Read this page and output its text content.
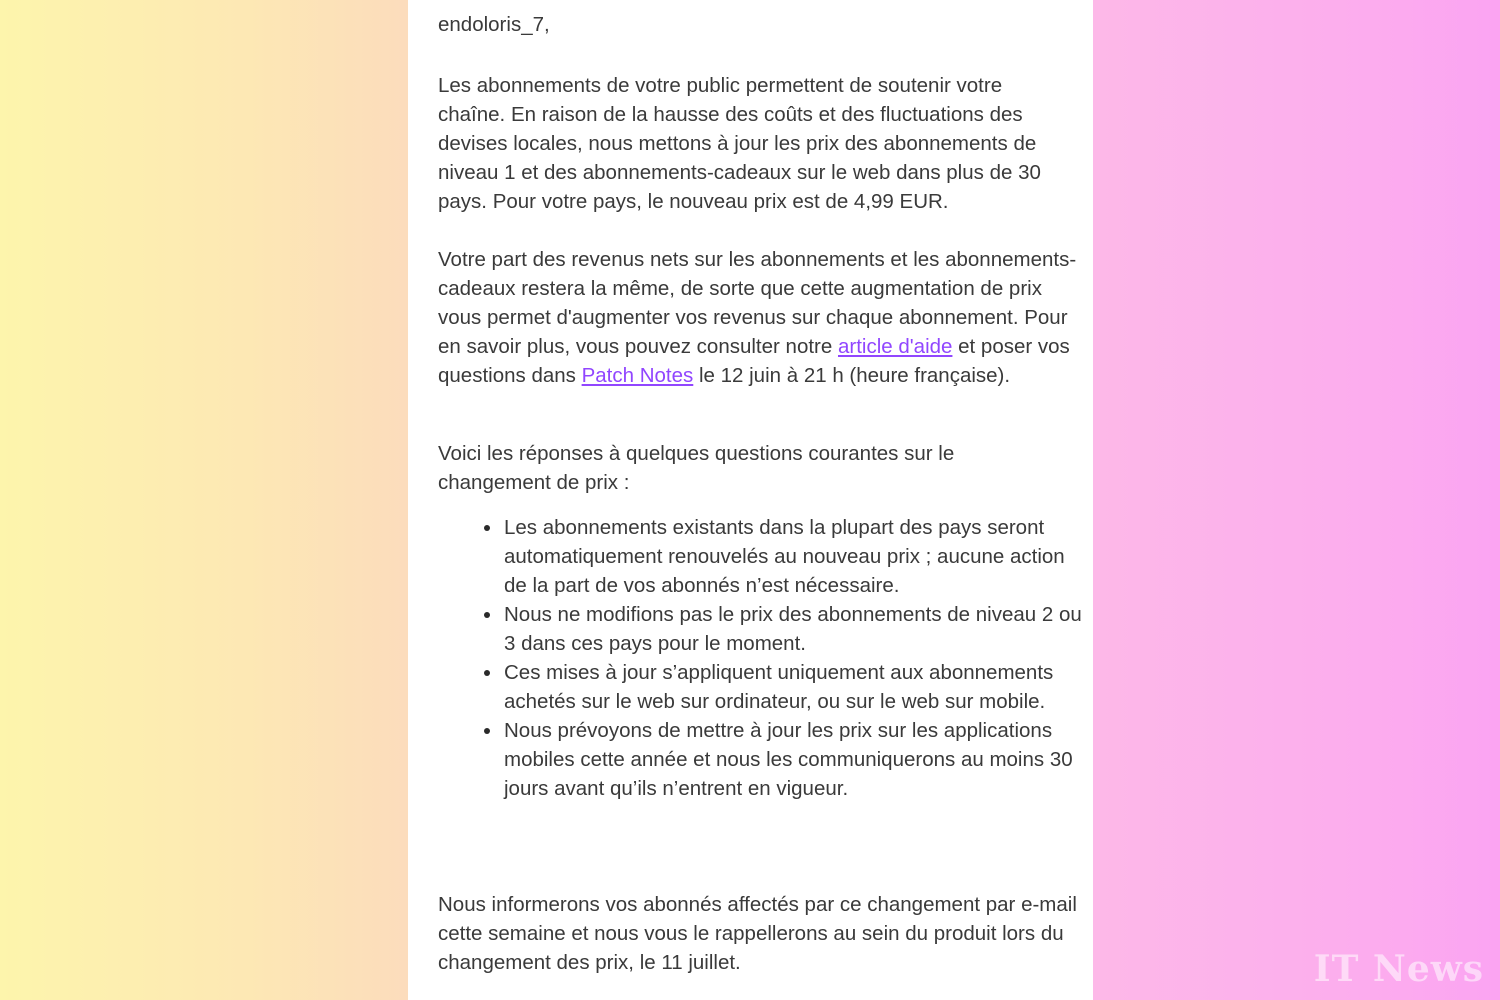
endoloris_7,

Les abonnements de votre public permettent de soutenir votre chaîne. En raison de la hausse des coûts et des fluctuations des devises locales, nous mettons à jour les prix des abonnements de niveau 1 et des abonnements-cadeaux sur le web dans plus de 30 pays. Pour votre pays, le nouveau prix est de 4,99 EUR.

Votre part des revenus nets sur les abonnements et les abonnements-cadeaux restera la même, de sorte que cette augmentation de prix vous permet d'augmenter vos revenus sur chaque abonnement. Pour en savoir plus, vous pouvez consulter notre article d'aide et poser vos questions dans Patch Notes le 12 juin à 21 h (heure française).

Voici les réponses à quelques questions courantes sur le changement de prix :

Les abonnements existants dans la plupart des pays seront automatiquement renouvelés au nouveau prix ; aucune action de la part de vos abonnés n’est nécessaire.
Nous ne modifions pas le prix des abonnements de niveau 2 ou 3 dans ces pays pour le moment.
Ces mises à jour s’appliquent uniquement aux abonnements achetés sur le web sur ordinateur, ou sur le web sur mobile.
Nous prévoyons de mettre à jour les prix sur les applications mobiles cette année et nous les communiquerons au moins 30 jours avant qu’ils n’entrent en vigueur.

Nous informerons vos abonnés affectés par ce changement par e-mail cette semaine et nous vous le rappellerons au sein du produit lors du changement des prix, le 11 juillet.	IT News
